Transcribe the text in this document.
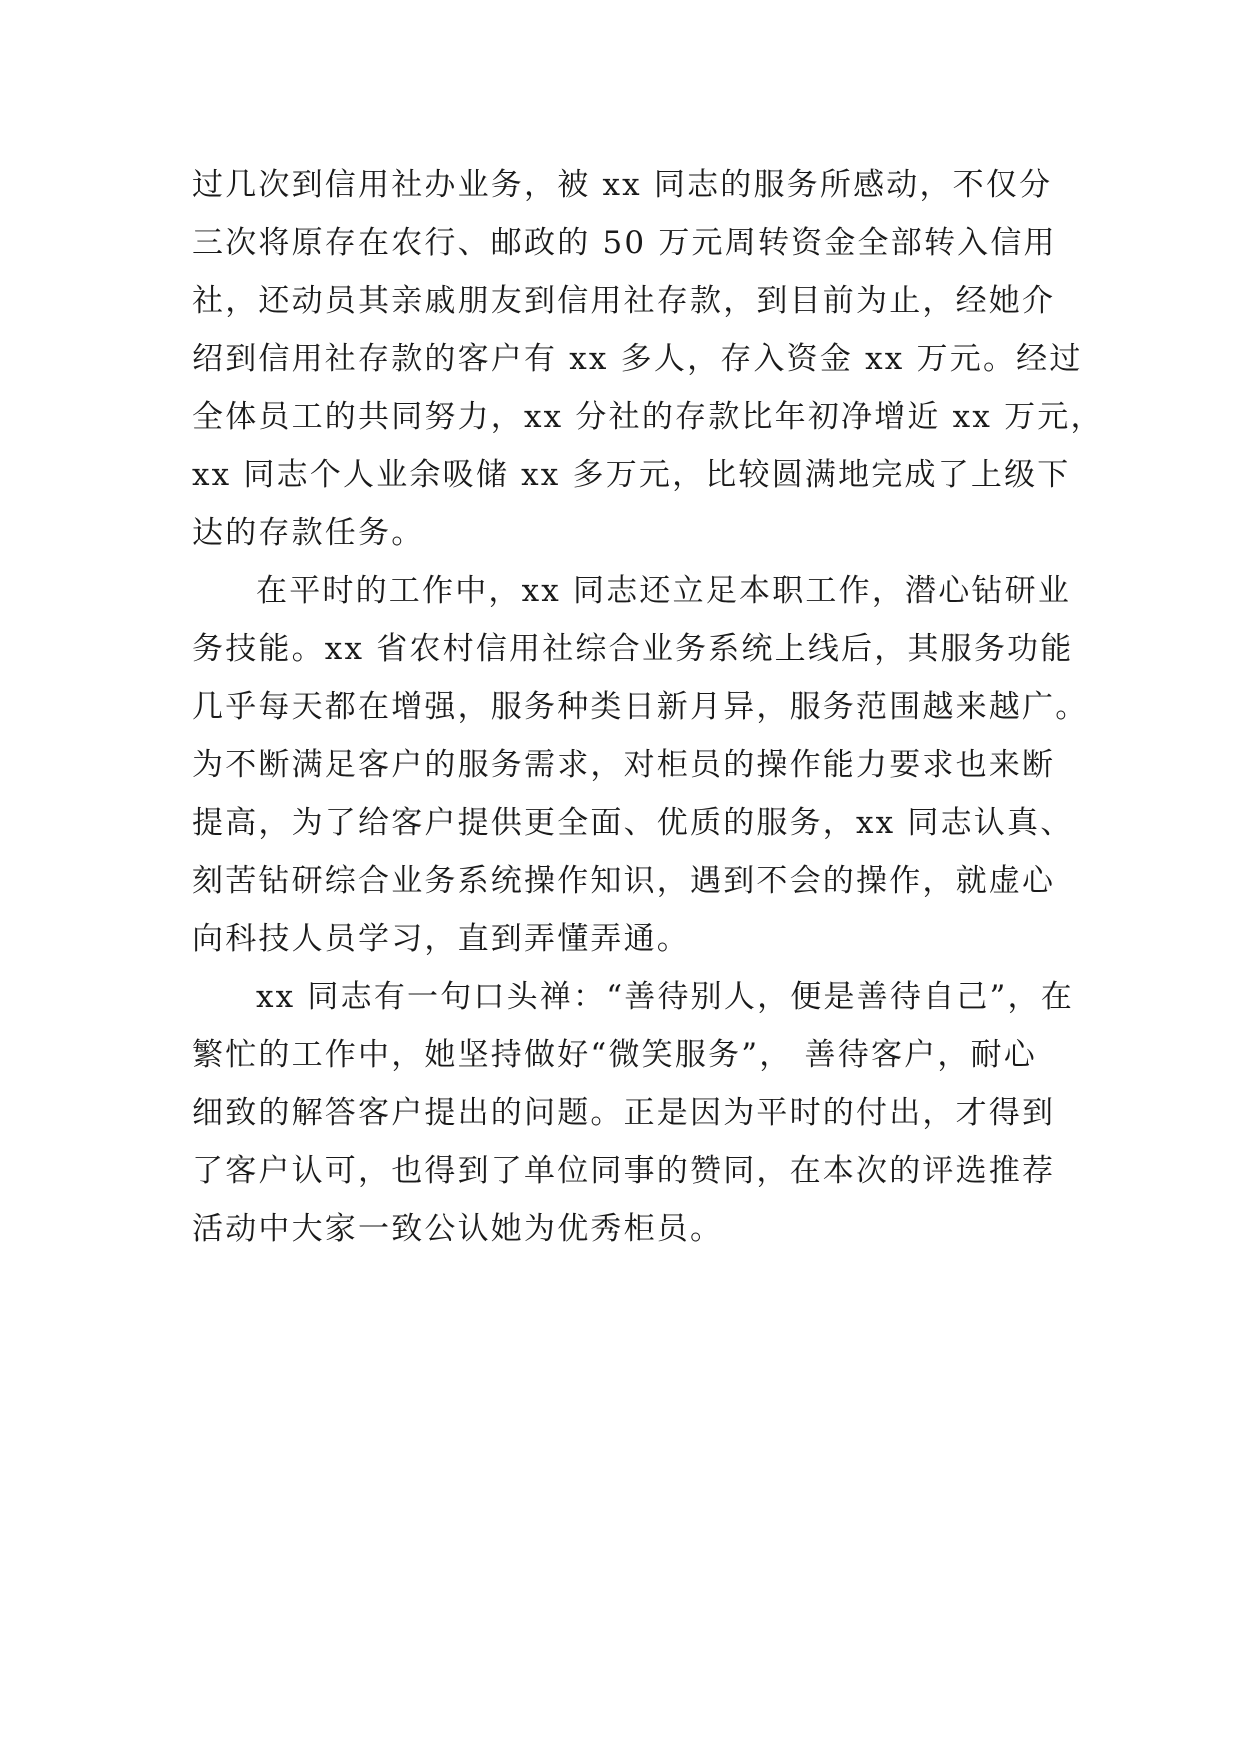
过几次到信用社办业务，被 xx 同志的服务所感动，不仅分
三次将原存在农行、邮政的 50 万元周转资金全部转入信用
社，还动员其亲戚朋友到信用社存款，到目前为止，经她介
绍到信用社存款的客户有 xx 多人，存入资金 xx 万元。经过
全体员工的共同努力，xx 分社的存款比年初净增近 xx 万元，
xx 同志个人业余吸储 xx 多万元，比较圆满地完成了上级下
达的存款任务。
在平时的工作中，xx 同志还立足本职工作，潜心钻研业
务技能。xx 省农村信用社综合业务系统上线后，其服务功能
几乎每天都在增强，服务种类日新月异，服务范围越来越广。
为不断满足客户的服务需求，对柜员的操作能力要求也来断
提高，为了给客户提供更全面、优质的服务，xx 同志认真、
刻苦钻研综合业务系统操作知识，遇到不会的操作，就虚心
向科技人员学习，直到弄懂弄通。
xx 同志有一句口头禅：“善待别人，便是善待自己”，在
繁忙的工作中，她坚持做好“微笑服务”， 善待客户，耐心
细致的解答客户提出的问题。正是因为平时的付出，才得到
了客户认可，也得到了单位同事的赞同，在本次的评选推荐
活动中大家一致公认她为优秀柜员。
